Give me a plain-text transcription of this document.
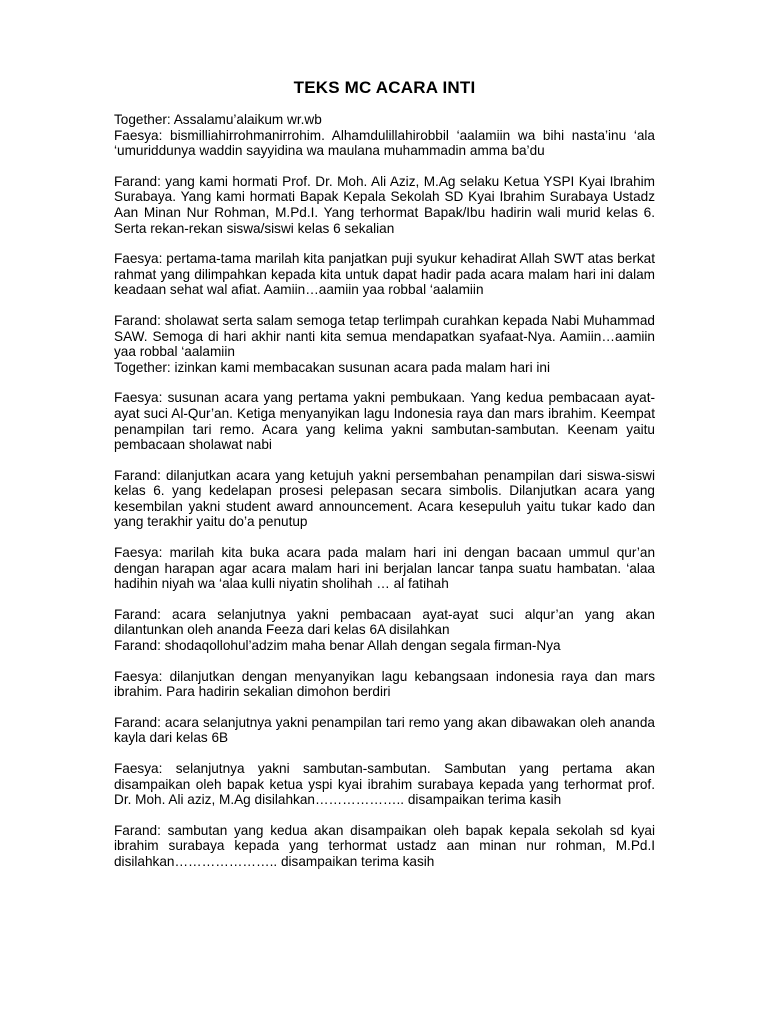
TEKS MC ACARA INTI

Together: Assalamu’alaikum wr.wb

Faesya: bismilliahirrohmanirrohim. Alhamdulillahirobbil ‘aalamiin wa bihi nasta’inu ‘ala ‘umuriddunya waddin sayyidina wa maulana muhammadin amma ba’du

Farand: yang kami hormati Prof. Dr. Moh. Ali Aziz, M.Ag selaku Ketua YSPI Kyai Ibrahim Surabaya. Yang kami hormati Bapak Kepala Sekolah SD Kyai Ibrahim Surabaya Ustadz Aan Minan Nur Rohman, M.Pd.I. Yang terhormat Bapak/Ibu hadirin wali murid kelas 6. Serta rekan-rekan siswa/siswi kelas 6 sekalian

Faesya: pertama-tama marilah kita panjatkan puji syukur kehadirat Allah SWT atas berkat rahmat yang dilimpahkan kepada kita untuk dapat hadir pada acara malam hari ini dalam keadaan sehat wal afiat. Aamiin…aamiin yaa robbal ‘aalamiin

Farand: sholawat serta salam semoga tetap terlimpah curahkan kepada Nabi Muhammad SAW. Semoga di hari akhir nanti kita semua mendapatkan syafaat-Nya. Aamiin…aamiin yaa robbal ‘aalamiin

Together: izinkan kami membacakan susunan acara pada malam hari ini

Faesya: susunan acara yang pertama yakni pembukaan. Yang kedua pembacaan ayat-ayat suci Al-Qur’an. Ketiga menyanyikan lagu Indonesia raya dan mars ibrahim. Keempat penampilan tari remo. Acara yang kelima yakni sambutan-sambutan. Keenam yaitu pembacaan sholawat nabi

Farand: dilanjutkan acara yang ketujuh yakni persembahan penampilan dari siswa-siswi kelas 6. yang kedelapan prosesi pelepasan secara simbolis. Dilanjutkan acara yang kesembilan yakni student award announcement. Acara kesepuluh yaitu tukar kado dan yang terakhir yaitu do’a penutup

Faesya: marilah kita buka acara pada malam hari ini dengan bacaan ummul qur’an dengan harapan agar acara malam hari ini berjalan lancar tanpa suatu hambatan. ‘alaa hadihin niyah wa ‘alaa kulli niyatin sholihah … al fatihah

Farand: acara selanjutnya yakni pembacaan ayat-ayat suci alqur’an yang akan dilantunkan oleh ananda Feeza dari kelas 6A disilahkan

Farand: shodaqollohul’adzim maha benar Allah dengan segala firman-Nya

Faesya: dilanjutkan dengan menyanyikan lagu kebangsaan indonesia raya dan mars ibrahim. Para hadirin sekalian dimohon berdiri

Farand: acara selanjutnya yakni penampilan tari remo yang akan dibawakan oleh ananda kayla dari kelas 6B

Faesya: selanjutnya yakni sambutan-sambutan. Sambutan yang pertama akan disampaikan oleh bapak ketua yspi kyai ibrahim surabaya kepada yang terhormat prof. Dr. Moh. Ali aziz, M.Ag disilahkan……………….. disampaikan terima kasih

Farand: sambutan yang kedua akan disampaikan oleh bapak kepala sekolah sd kyai ibrahim surabaya kepada yang terhormat ustadz aan minan nur rohman, M.Pd.I disilahkan………………….. disampaikan terima kasih
